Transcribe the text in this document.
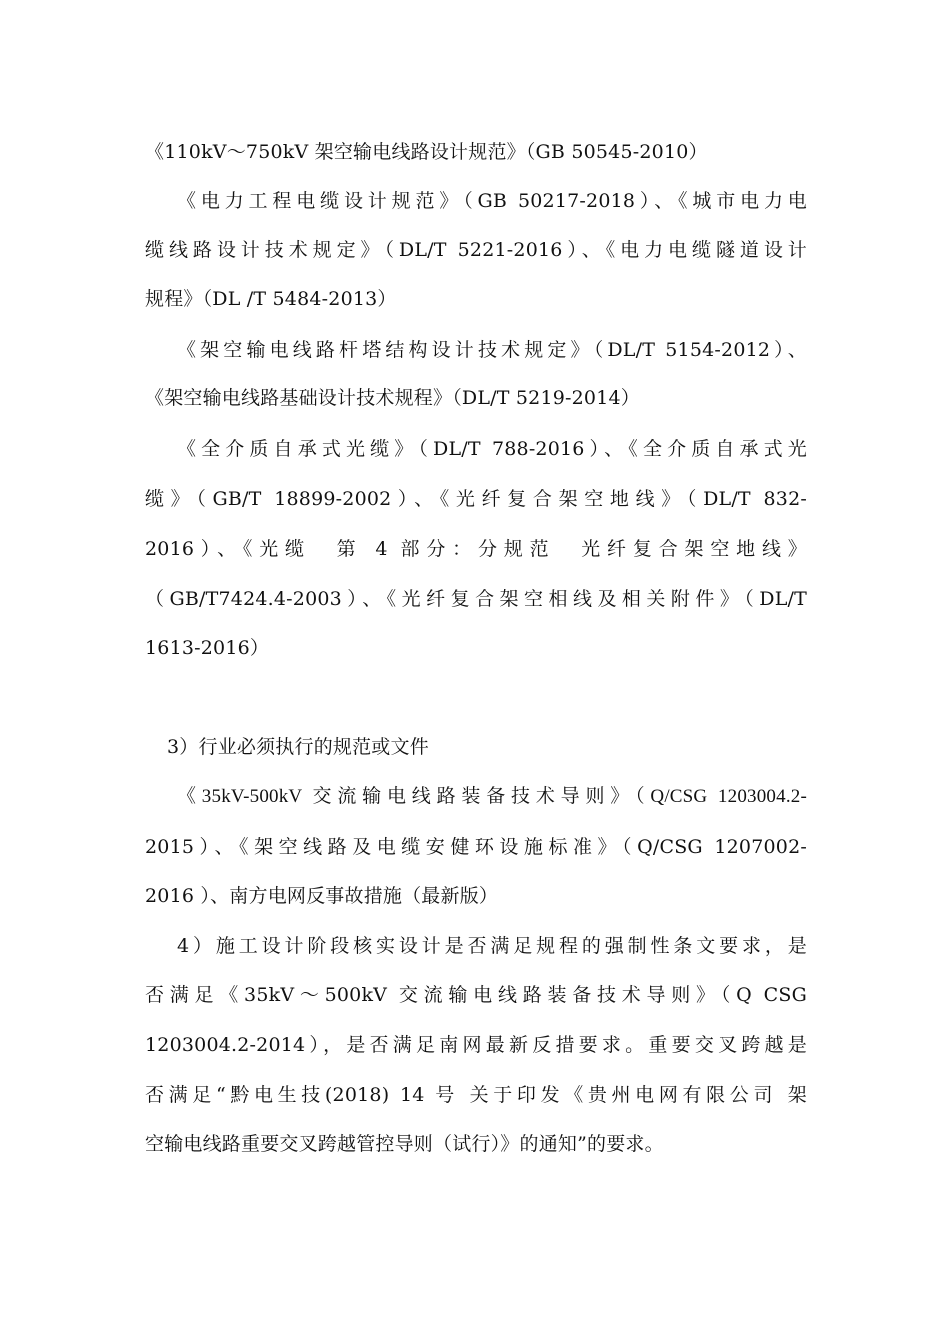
《110kV～750kV 架空输电线路设计规范》（GB 50545-2010）
《电力工程电缆设计规范》（GB 50217-2018）、《城市电力电
缆线路设计技术规定》（DL/T 5221-2016）、《电力电缆隧道设计
规程》（DL /T 5484-2013）
《架空输电线路杆塔结构设计技术规定》（DL/T 5154-2012）、
《架空输电线路基础设计技术规程》（DL/T 5219-2014）
《全介质自承式光缆》（DL/T 788-2016）、《全介质自承式光
缆》（GB/T 18899-2002）、《光纤复合架空地线》（DL/T 832-
2016）、《光缆　第 4 部分：分规范　光纤复合架空地线》
（GB/T7424.4-2003）、《光纤复合架空相线及相关附件》（DL/T
1613-2016）
3）行业必须执行的规范或文件
《35kV-500kV 交流输电线路装备技术导则》（Q/CSG 1203004.2-
2015）、《架空线路及电缆安健环设施标准》（Q/CSG 1207002-
2016 ）、南方电网反事故措施（最新版）
4）施工设计阶段核实设计是否满足规程的强制性条文要求，是
否满足《35kV～500kV 交流输电线路装备技术导则》（Q CSG
1203004.2-2014），是否满足南网最新反措要求。重要交叉跨越是
否满足“黔电生技(2018) 14 号 关于印发《贵州电网有限公司 架
空输电线路重要交叉跨越管控导则（试行）》的通知”的要求。
